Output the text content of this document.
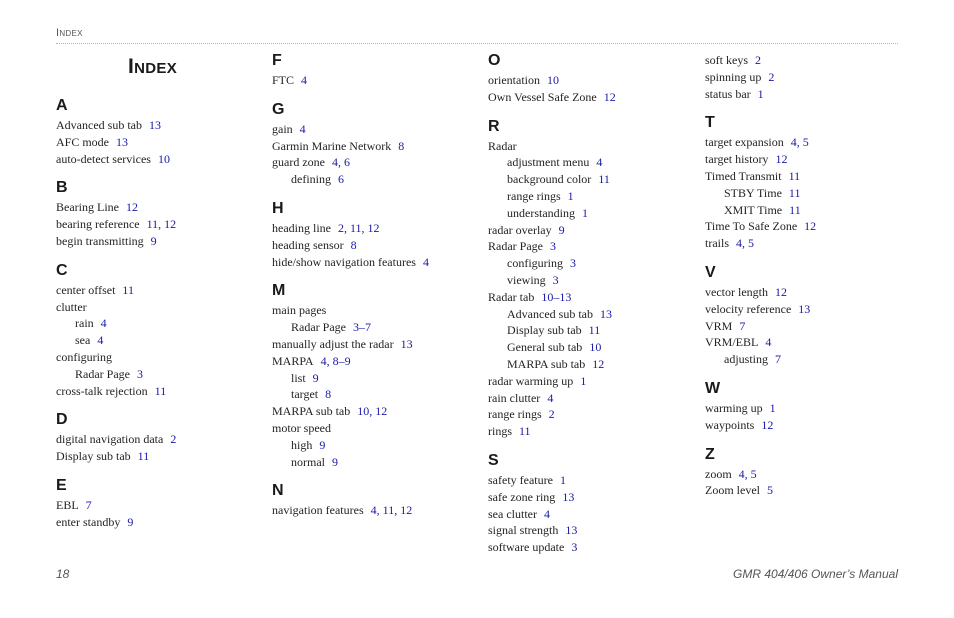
Index
Index
A
Advanced sub tab 13
AFC mode 13
auto-detect services 10
B
Bearing Line 12
bearing reference 11, 12
begin transmitting 9
C
center offset 11
clutter
rain 4
sea 4
configuring
Radar Page 3
cross-talk rejection 11
D
digital navigation data 2
Display sub tab 11
E
EBL 7
enter standby 9
F
FTC 4
G
gain 4
Garmin Marine Network 8
guard zone 4, 6
defining 6
H
heading line 2, 11, 12
heading sensor 8
hide/show navigation features 4
M
main pages
Radar Page 3–7
manually adjust the radar 13
MARPA 4, 8–9
list 9
target 8
MARPA sub tab 10, 12
motor speed
high 9
normal 9
N
navigation features 4, 11, 12
O
orientation 10
Own Vessel Safe Zone 12
R
Radar
adjustment menu 4
background color 11
range rings 1
understanding 1
radar overlay 9
Radar Page 3
configuring 3
viewing 3
Radar tab 10–13
Advanced sub tab 13
Display sub tab 11
General sub tab 10
MARPA sub tab 12
radar warming up 1
rain clutter 4
range rings 2
rings 11
S
safety feature 1
safe zone ring 13
sea clutter 4
signal strength 13
software update 3
soft keys 2
spinning up 2
status bar 1
T
target expansion 4, 5
target history 12
Timed Transmit 11
STBY Time 11
XMIT Time 11
Time To Safe Zone 12
trails 4, 5
V
vector length 12
velocity reference 13
VRM 7
VRM/EBL 4
adjusting 7
W
warming up 1
waypoints 12
Z
zoom 4, 5
Zoom level 5
18	GMR 404/406 Owner’s Manual
